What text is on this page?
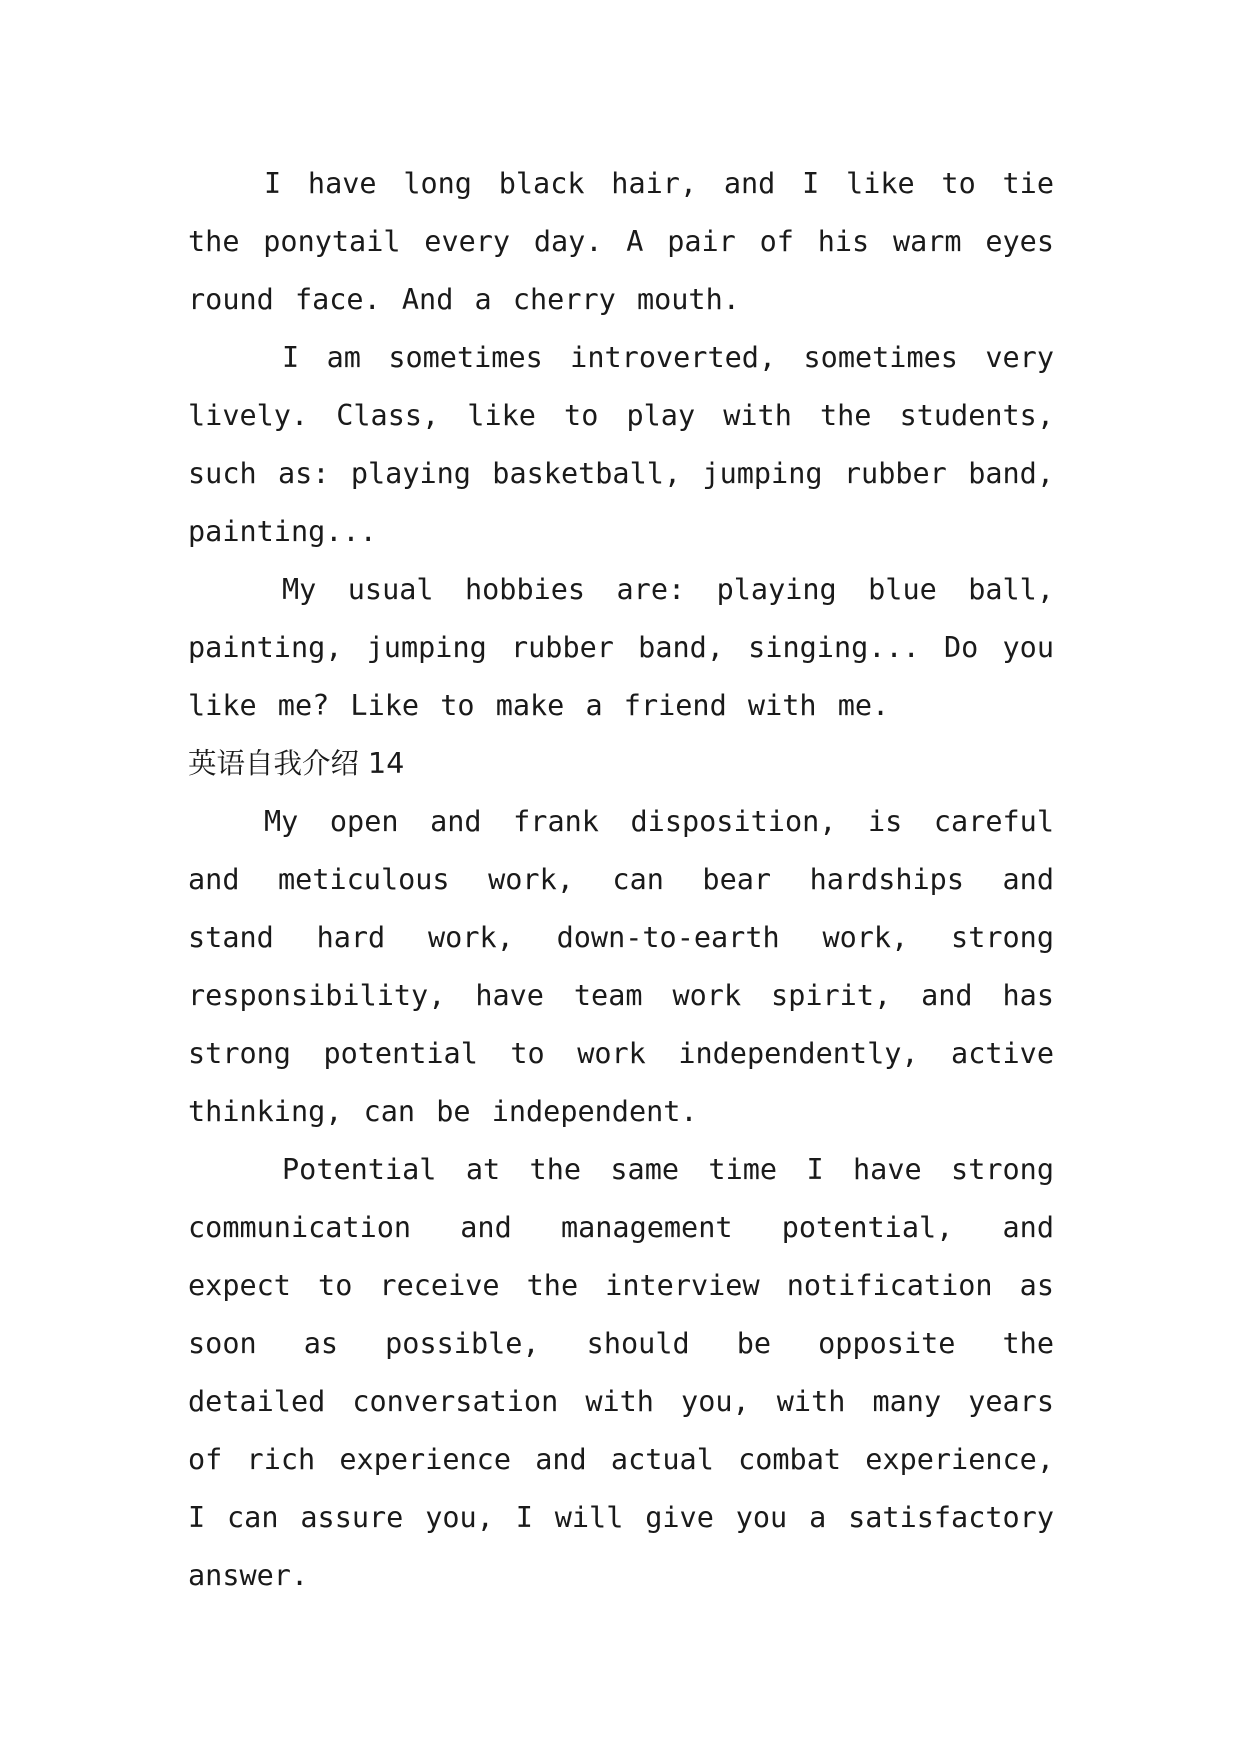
I have long black hair, and I like to tie the ponytail every day. A pair of his warm eyes round face. And a cherry mouth.

I am sometimes introverted, sometimes very lively. Class, like to play with the students, such as: playing basketball, jumping rubber band, painting...

My usual hobbies are: playing blue ball, painting, jumping rubber band, singing... Do you like me? Like to make a friend with me.

英语自我介绍 14

My open and frank disposition, is careful and meticulous work, can bear hardships and stand hard work, down-to-earth work, strong responsibility, have team work spirit, and has strong potential to work independently, active thinking, can be independent.

Potential at the same time I have strong communication and management potential, and expect to receive the interview notification as soon as possible, should be opposite the detailed conversation with you, with many years of rich experience and actual combat experience, I can assure you, I will give you a satisfactory answer.
